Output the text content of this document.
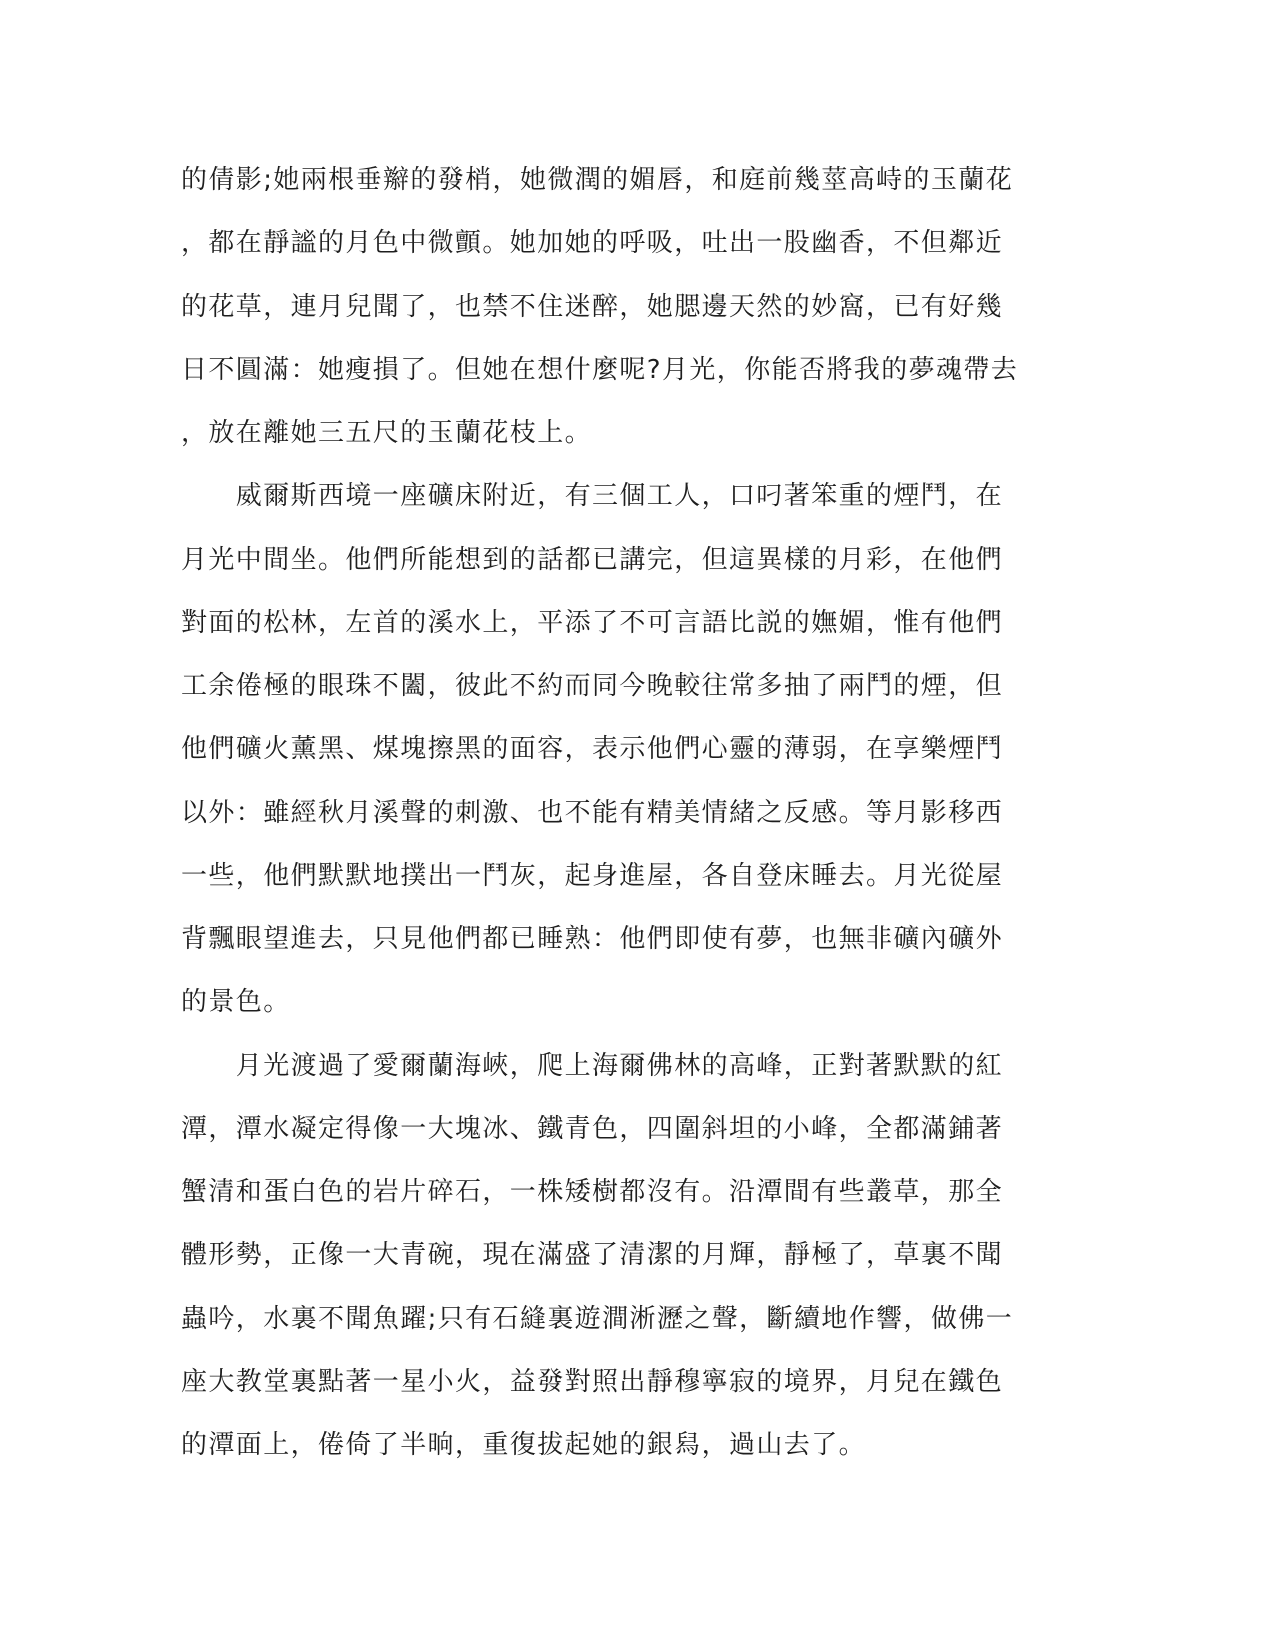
的倩影;她兩根垂辮的發梢，她微潤的媚唇，和庭前幾莖高峙的玉蘭花
，都在靜謐的月色中微顫。她加她的呼吸，吐出一股幽香，不但鄰近
的花草，連月兒聞了，也禁不住迷醉，她腮邊天然的妙窩，已有好幾
日不圓滿：她瘦損了。但她在想什麼呢?月光，你能否將我的夢魂帶去
，放在離她三五尺的玉蘭花枝上。
　　威爾斯西境一座礦床附近，有三個工人，口叼著笨重的煙鬥，在
月光中間坐。他們所能想到的話都已講完，但這異樣的月彩，在他們
對面的松林，左首的溪水上，平添了不可言語比説的嫵媚，惟有他們
工余倦極的眼珠不闔，彼此不約而同今晚較往常多抽了兩鬥的煙，但
他們礦火薰黑、煤塊擦黑的面容，表示他們心靈的薄弱，在享樂煙鬥
以外：雖經秋月溪聲的刺激、也不能有精美情緒之反感。等月影移西
一些，他們默默地撲出一鬥灰，起身進屋，各自登床睡去。月光從屋
背飄眼望進去，只見他們都已睡熟：他們即使有夢，也無非礦內礦外
的景色。
　　月光渡過了愛爾蘭海峽，爬上海爾佛林的高峰，正對著默默的紅
潭，潭水凝定得像一大塊冰、鐵青色，四圍斜坦的小峰，全都滿鋪著
蟹清和蛋白色的岩片碎石，一株矮樹都沒有。沿潭間有些叢草，那全
體形勢，正像一大青碗，現在滿盛了清潔的月輝，靜極了，草裏不聞
蟲吟，水裏不聞魚躍;只有石縫裏遊澗淅瀝之聲，斷續地作響，做佛一
座大教堂裏點著一星小火，益發對照出靜穆寧寂的境界，月兒在鐵色
的潭面上，倦倚了半晌，重復拔起她的銀舄，過山去了。
